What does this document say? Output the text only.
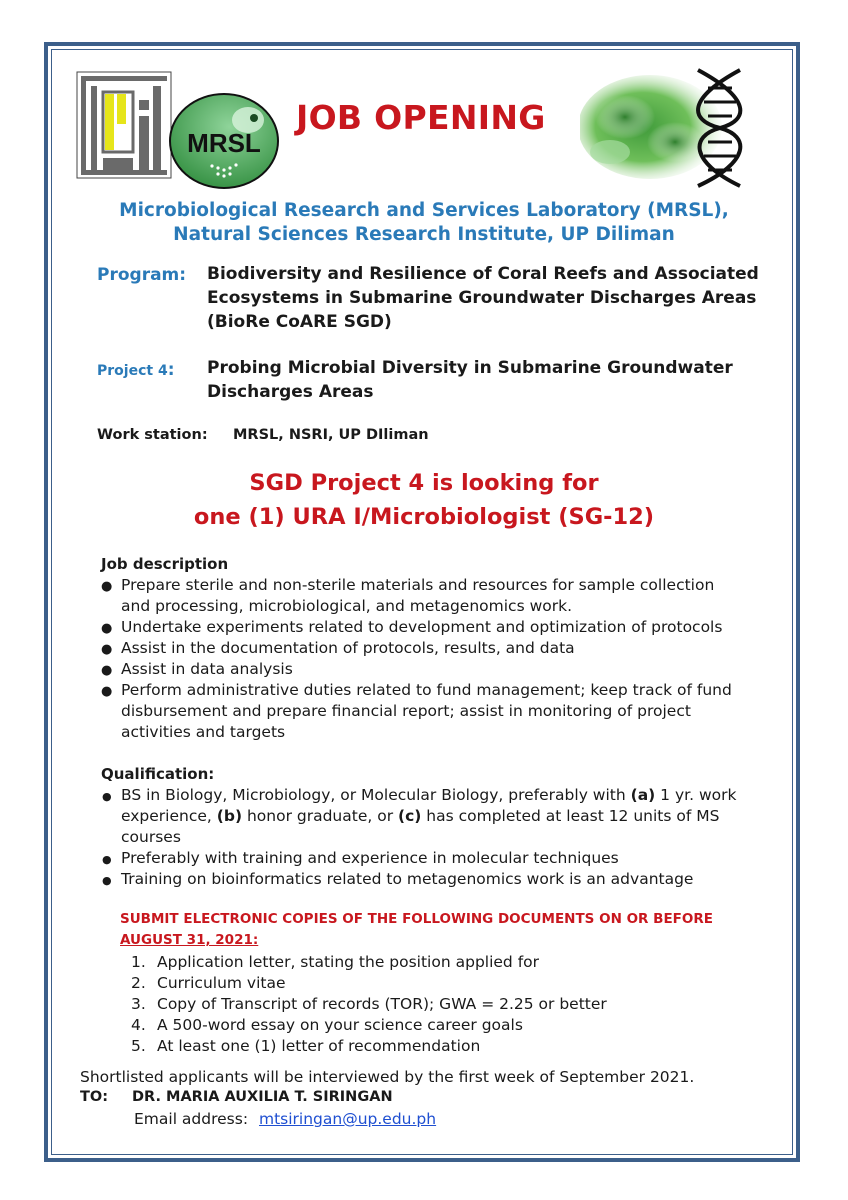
MRSL
JOB OPENING
Microbiological Research and Services Laboratory (MRSL),
Natural Sciences Research Institute, UP Diliman
Program: Biodiversity and Resilience of Coral Reefs and Associated
Ecosystems in Submarine Groundwater Discharges Areas
(BioRe CoARE SGD)
Project 4: Probing Microbial Diversity in Submarine Groundwater
Discharges Areas
Work station: MRSL, NSRI, UP DIliman
SGD Project 4 is looking for
one (1) URA I/Microbiologist (SG-12)
Job description
● Prepare sterile and non-sterile materials and resources for sample collection
and processing, microbiological, and metagenomics work.
● Undertake experiments related to development and optimization of protocols
● Assist in the documentation of protocols, results, and data
● Assist in data analysis
● Perform administrative duties related to fund management; keep track of fund
disbursement and prepare financial report; assist in monitoring of project
activities and targets
Qualification:
● BS in Biology, Microbiology, or Molecular Biology, preferably with (a) 1 yr. work
experience, (b) honor graduate, or (c) has completed at least 12 units of MS
courses
● Preferably with training and experience in molecular techniques
● Training on bioinformatics related to metagenomics work is an advantage
SUBMIT ELECTRONIC COPIES OF THE FOLLOWING DOCUMENTS ON OR BEFORE
AUGUST 31, 2021:
1. Application letter, stating the position applied for
2. Curriculum vitae
3. Copy of Transcript of records (TOR); GWA = 2.25 or better
4. A 500-word essay on your science career goals
5. At least one (1) letter of recommendation
Shortlisted applicants will be interviewed by the first week of September 2021.
TO: DR. MARIA AUXILIA T. SIRINGAN
Email address: mtsiringan@up.edu.ph
